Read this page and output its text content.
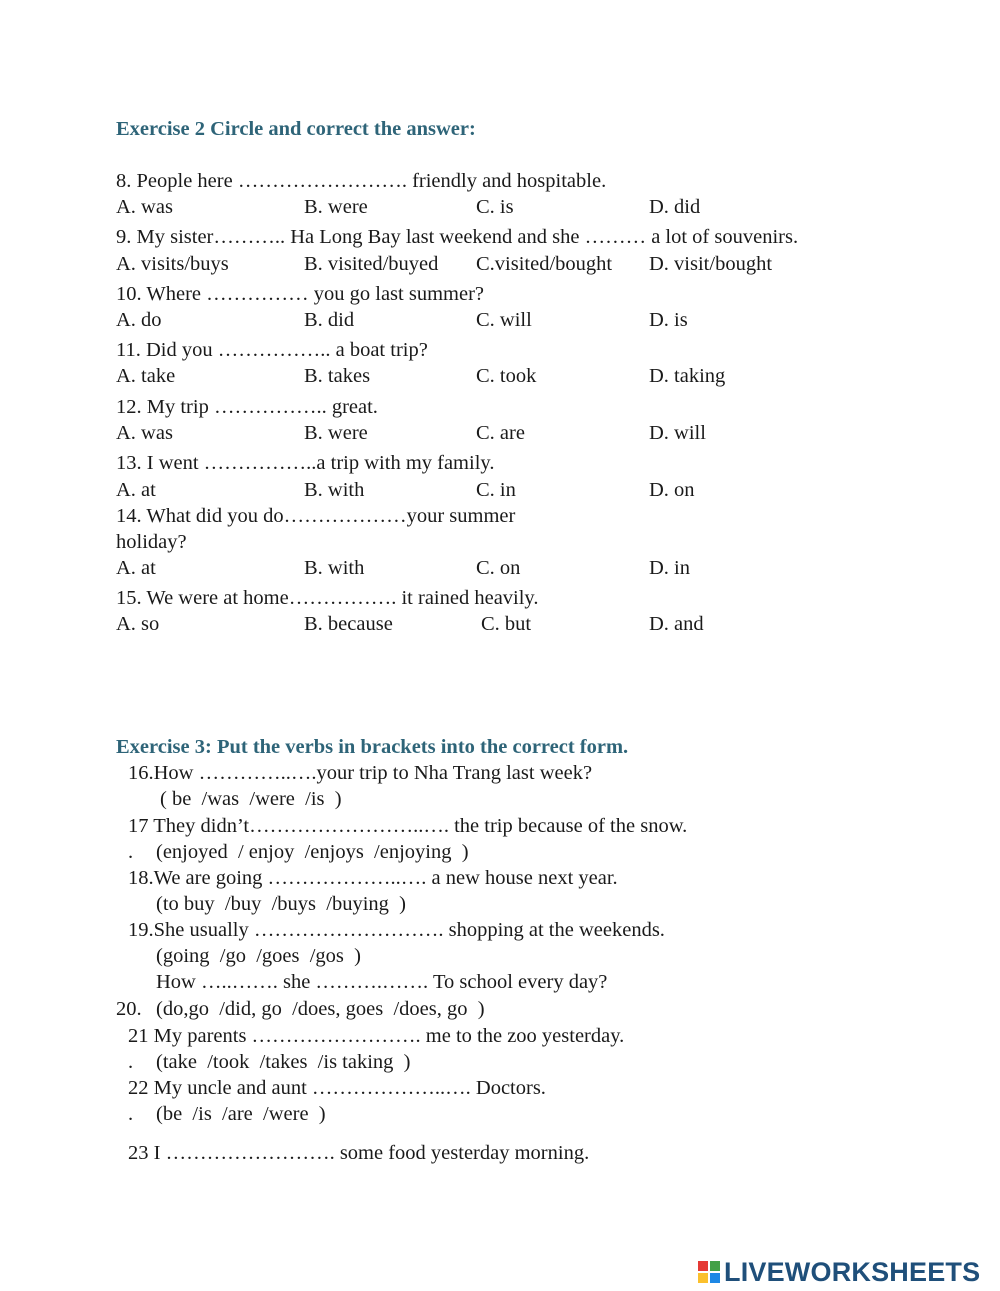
Exercise 2 Circle and correct the answer:
8. People here ……………………. friendly and hospitable.
A. was	B. were	C. is	D. did
9. My sister……….. Ha Long Bay last weekend and she ……… a lot of souvenirs.
A. visits/buys	B. visited/buyed C.visited/bought D. visit/bought
10. Where …………… you go last summer?
A. do	B. did	C. will	D. is
11. Did you …………….. a boat trip?
A. take	B. takes	C. took	D. taking
12. My trip …………….. great.
A. was	B. were	C. are	D. will
13. I went ……………..a trip with my family.
A. at	B. with	C. in	D. on
14. What did you do………………your summer
holiday?
A. at	B. with	C. on	D. in
15. We were at home……………. it rained heavily.
A. so	B. because	C. but	D. and
Exercise 3: Put the verbs in brackets into the correct form.
16.How …………..….your trip to Nha Trang last week?
( be  /was  /were  /is  )
17 They didn’t……………………..…. the trip because of the snow.
. (enjoyed  / enjoy  /enjoys  /enjoying  )
18.We are going ………………..…. a new house next year.
(to buy  /buy  /buys  /buying  )
19.She usually ………………………. shopping at the weekends.
(going  /go  /goes  /gos  )
How …..……. she ……….……. To school every day?
20. (do,go  /did, go  /does, goes  /does, go  )
21 My parents ……………………. me to the zoo yesterday.
. (take  /took  /takes  /is taking  )
22 My uncle and aunt ………………..…. Doctors.
. (be  /is  /are  /were  )
23 I ……………………. some food yesterday morning.
LIVEWORKSHEETS
